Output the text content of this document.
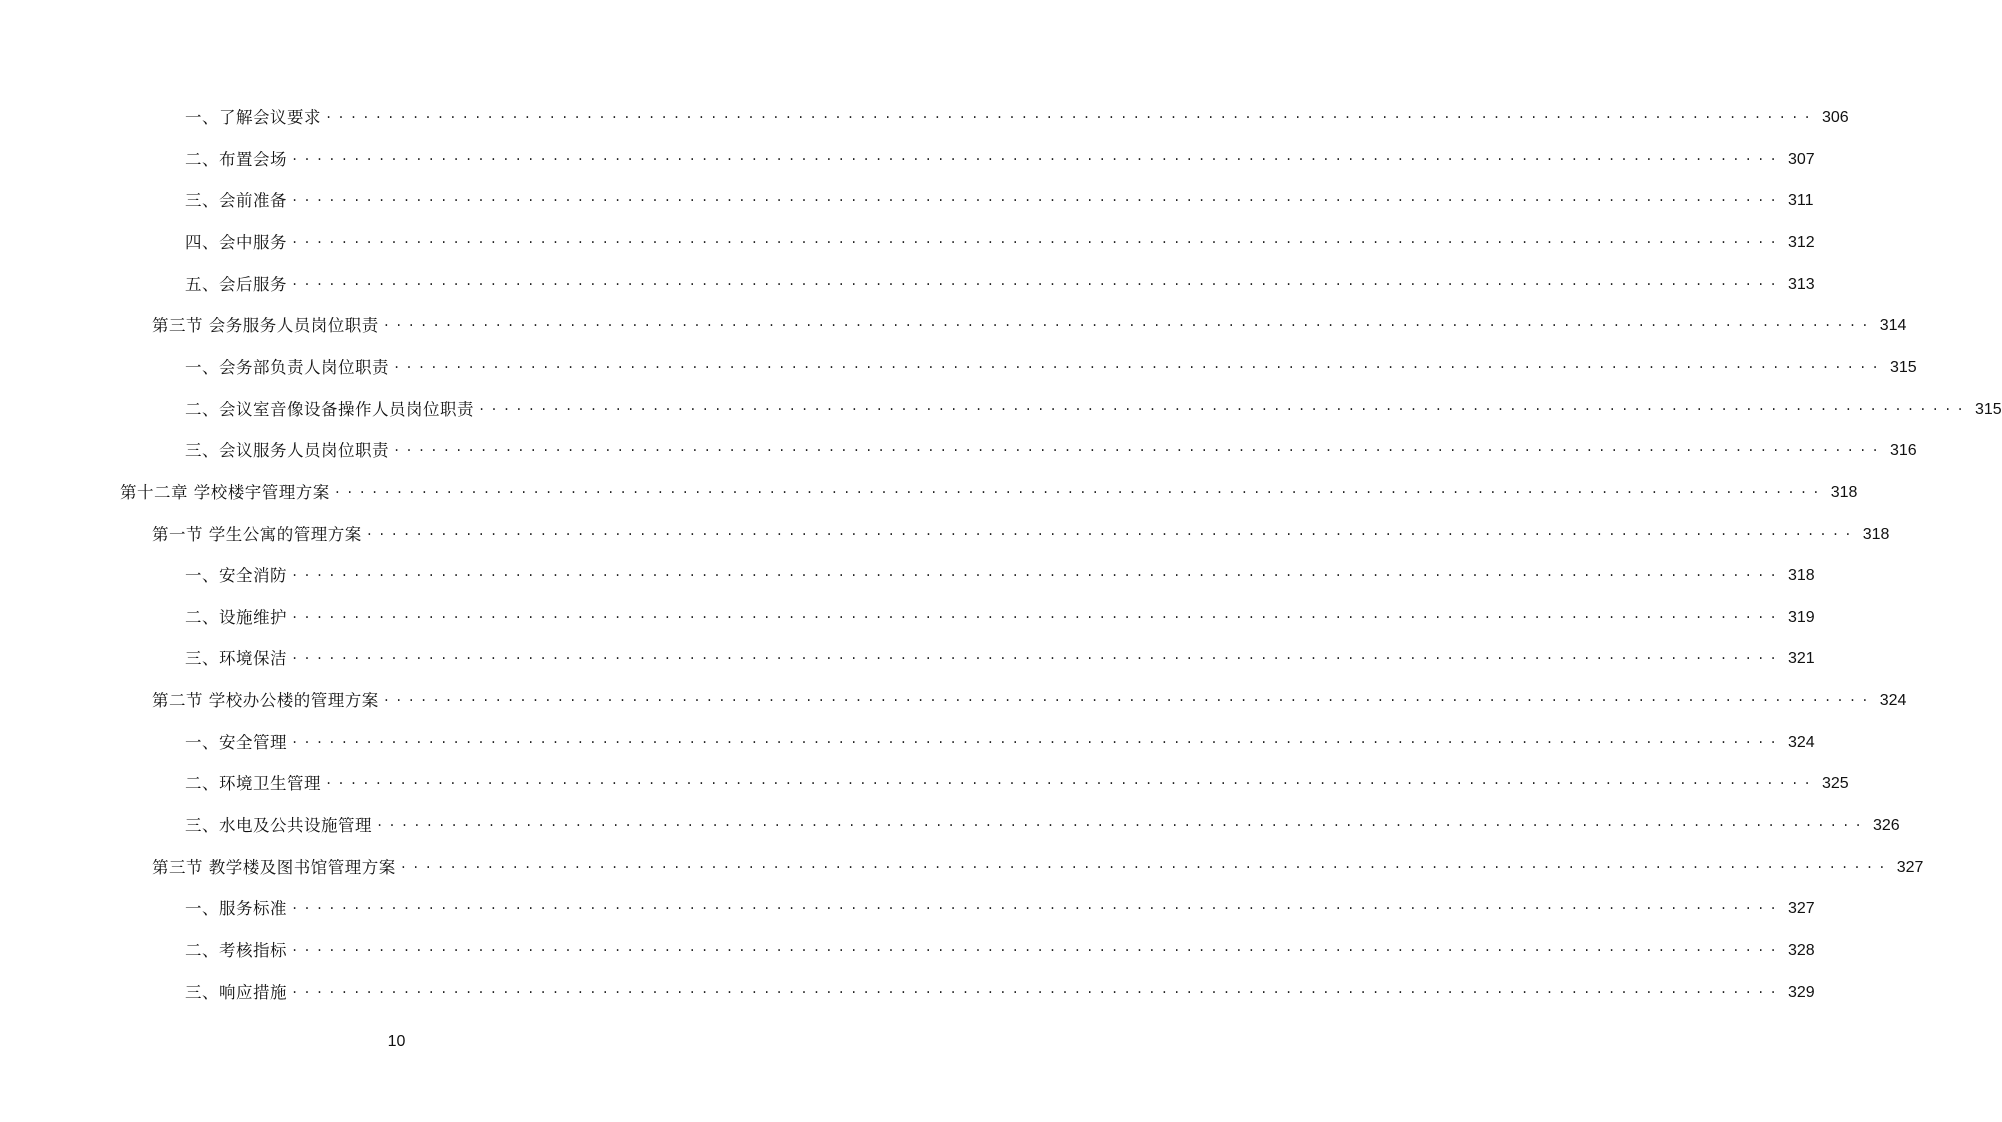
一、了解会议要求 ........................................................................................................................ 306
二、布置会场 ........................................................................................................................ 307
三、会前准备 ........................................................................................................................ 311
四、会中服务 ........................................................................................................................ 312
五、会后服务 ........................................................................................................................ 313
第三节 会务服务人员岗位职责 ........................................................................................................................ 314
一、会务部负责人岗位职责 ........................................................................................................................ 315
二、会议室音像设备操作人员岗位职责 ........................................................................................................................ 315
三、会议服务人员岗位职责 ........................................................................................................................ 316
第十二章 学校楼宇管理方案 ........................................................................................................................ 318
第一节 学生公寓的管理方案 ........................................................................................................................ 318
一、安全消防 ........................................................................................................................ 318
二、设施维护 ........................................................................................................................ 319
三、环境保洁 ........................................................................................................................ 321
第二节 学校办公楼的管理方案 ........................................................................................................................ 324
一、安全管理 ........................................................................................................................ 324
二、环境卫生管理 ........................................................................................................................ 325
三、水电及公共设施管理 ........................................................................................................................ 326
第三节 教学楼及图书馆管理方案 ........................................................................................................................ 327
一、服务标准 ........................................................................................................................ 327
二、考核指标 ........................................................................................................................ 328
三、响应措施 ........................................................................................................................ 329
10
